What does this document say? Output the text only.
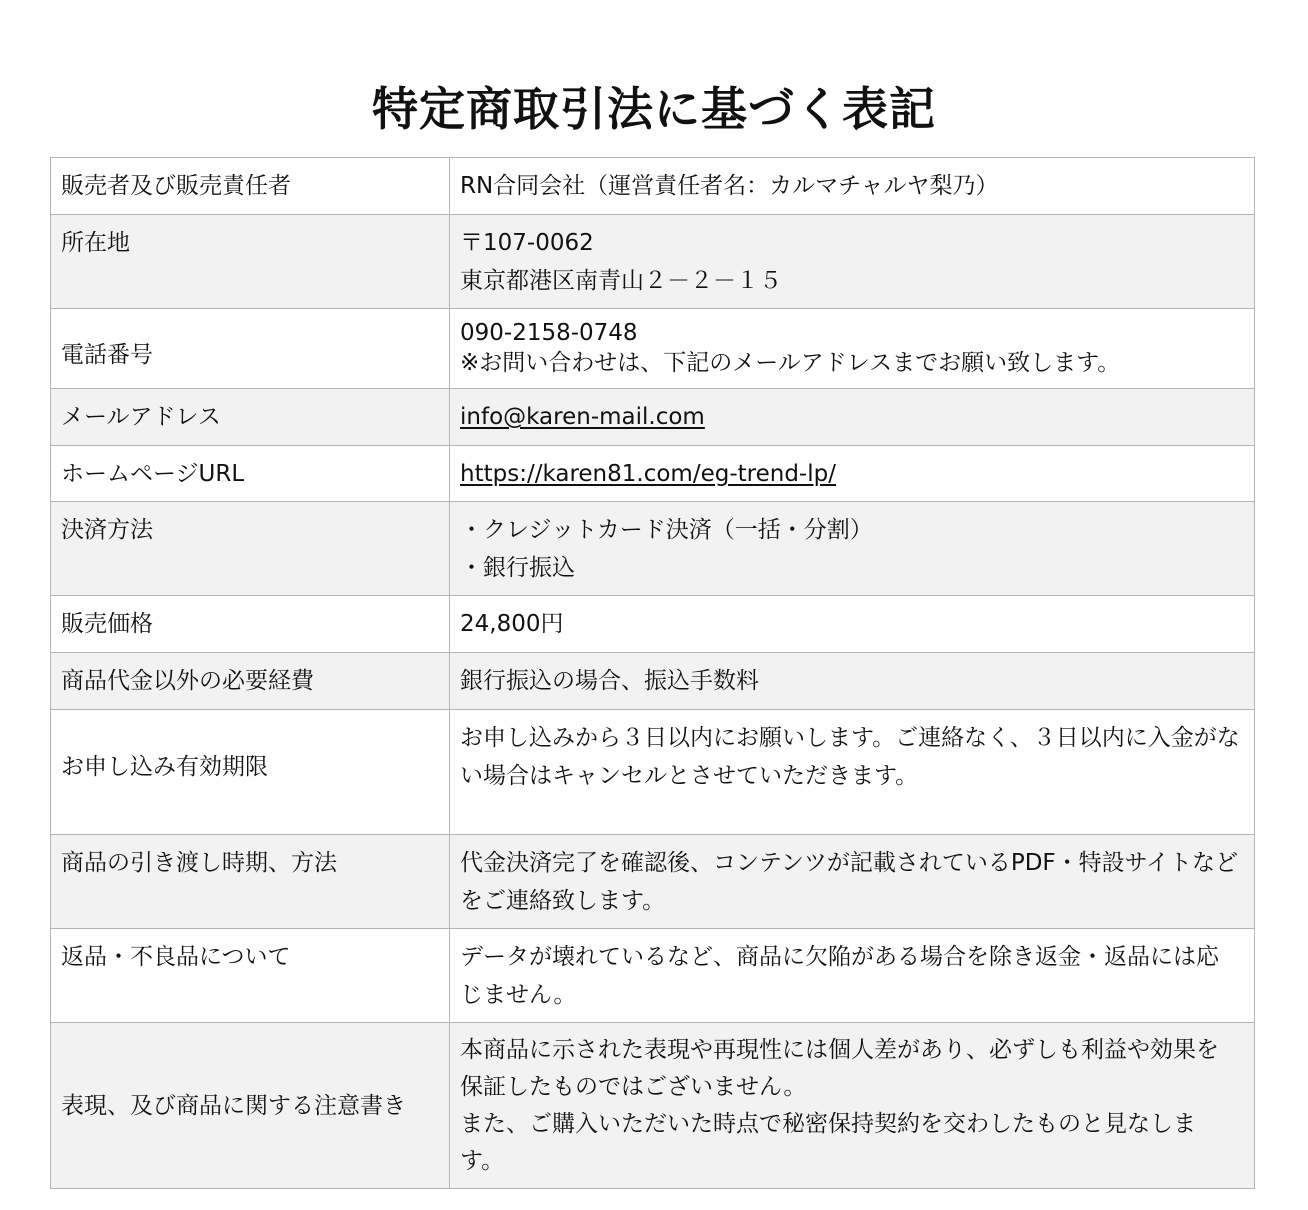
特定商取引法に基づく表記
販売者及び販売責任者	RN合同会社（運営責任者名：カルマチャルヤ梨乃）

所在地	〒107-0062
東京都港区南青山２－２－１５

電話番号	090-2158-0748
※お問い合わせは、下記のメールアドレスまでお願い致します。

メールアドレス	info@karen-mail.com
ホームページURL	https://karen81.com/eg-trend-lp/
決済方法	・クレジットカード決済（一括・分割）
・銀行振込

販売価格	24,800円

商品代金以外の必要経費	銀行振込の場合、振込手数料

お申し込み有効期限	お申し込みから３日以内にお願いします。ご連絡なく、３日以内に入金がない場合はキャンセルとさせていただきます。

商品の引き渡し時期、方法	代金決済完了を確認後、コンテンツが記載されているPDF・特設サイトなどをご連絡致します。

返品・不良品について	データが壊れているなど、商品に欠陥がある場合を除き返金・返品には応じません。

表現、及び商品に関する注意書き	本商品に示された表現や再現性には個人差があり、必ずしも利益や効果を保証したものではございません。
また、ご購入いただいた時点で秘密保持契約を交わしたものと見なします。
